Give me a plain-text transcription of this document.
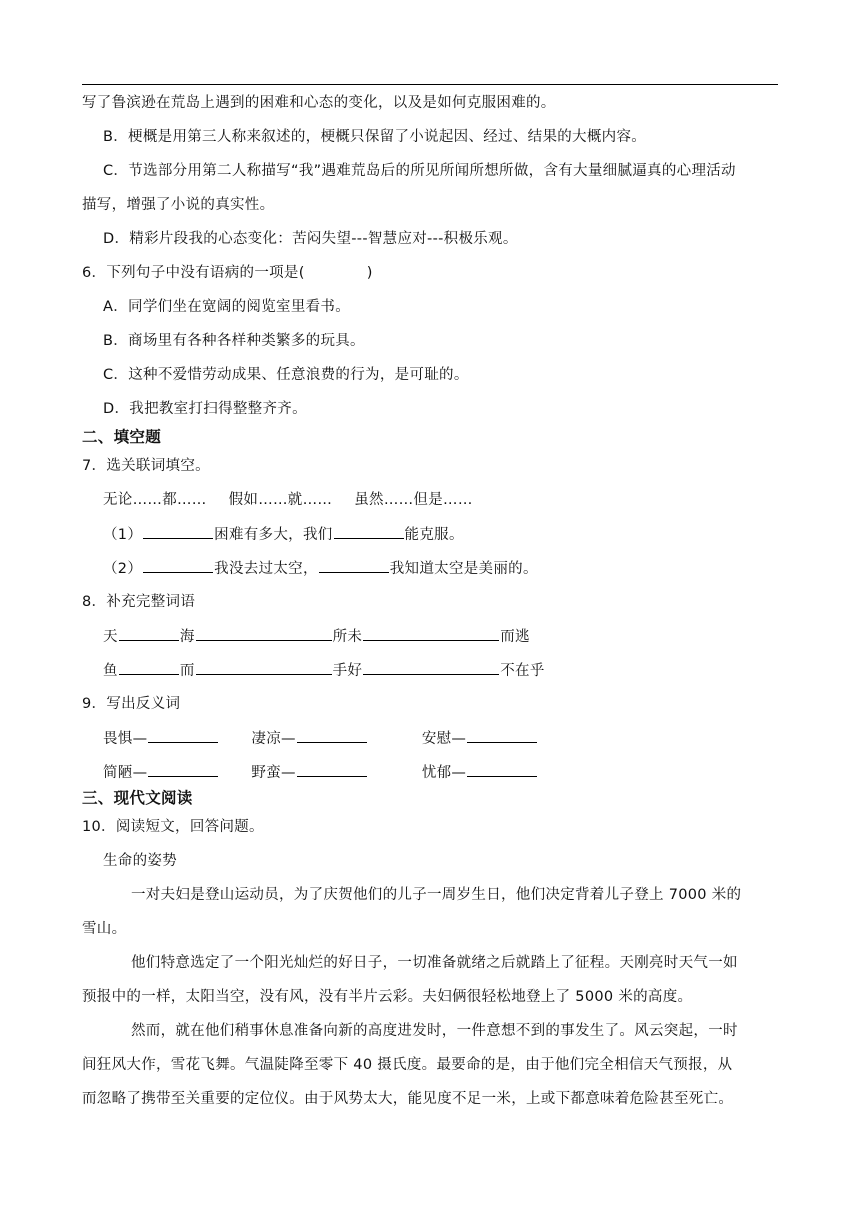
写了鲁滨逊在荒岛上遇到的困难和心态的变化，以及是如何克服困难的。
B．梗概是用第三人称来叙述的，梗概只保留了小说起因、经过、结果的大概内容。
C．节选部分用第二人称描写“我”遇难荒岛后的所见所闻所想所做，含有大量细腻逼真的心理活动
描写，增强了小说的真实性。
D．精彩片段我的心态变化：苦闷失望---智慧应对---积极乐观。
6．下列句子中没有语病的一项是(	)
A．同学们坐在宽阔的阅览室里看书。
B．商场里有各种各样种类繁多的玩具。
C．这种不爱惜劳动成果、任意浪费的行为，是可耻的。
D．我把教室打扫得整整齐齐。
二、填空题
7．选关联词填空。
无论……都…… 假如……就…… 虽然……但是……
（1）	困难有多大，我们	能克服。
（2）	我没去过太空，	我知道太空是美丽的。
8．补充完整词语
天	海	所未	而逃
鱼	而	手好	不在乎
9．写出反义词
畏惧—	凄凉—	安慰—
简陋—	野蛮—	忧郁—
三、现代文阅读
10．阅读短文，回答问题。
生命的姿势
一对夫妇是登山运动员，为了庆贺他们的儿子一周岁生日，他们决定背着儿子登上 7000 米的
雪山。
他们特意选定了一个阳光灿烂的好日子，一切准备就绪之后就踏上了征程。天刚亮时天气一如
预报中的一样，太阳当空，没有风，没有半片云彩。夫妇俩很轻松地登上了 5000 米的高度。
然而，就在他们稍事休息准备向新的高度进发时，一件意想不到的事发生了。风云突起，一时
间狂风大作，雪花飞舞。气温陡降至零下 40 摄氏度。最要命的是，由于他们完全相信天气预报，从
而忽略了携带至关重要的定位仪。由于风势太大，能见度不足一米，上或下都意味着危险甚至死亡。
